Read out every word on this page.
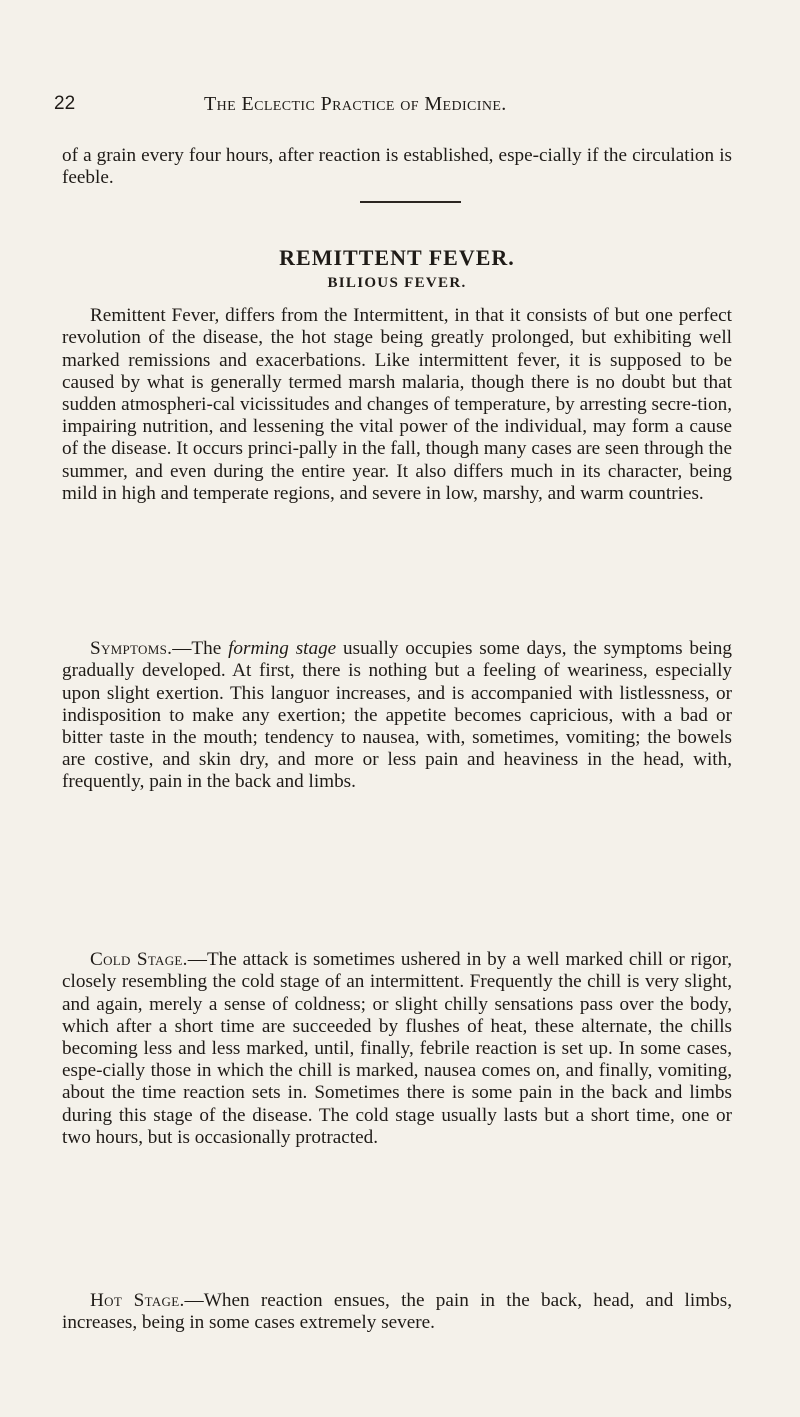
22	The Eclectic Practice of Medicine.

of a grain every four hours, after reaction is established, espe-cially if the circulation is feeble.

REMITTENT FEVER.
BILIOUS FEVER.

Remittent Fever, differs from the Intermittent, in that it consists of but one perfect revolution of the disease, the hot stage being greatly prolonged, but exhibiting well marked remissions and exacerbations. Like intermittent fever, it is supposed to be caused by what is generally termed marsh malaria, though there is no doubt but that sudden atmospheri-cal vicissitudes and changes of temperature, by arresting secre-tion, impairing nutrition, and lessening the vital power of the individual, may form a cause of the disease. It occurs princi-pally in the fall, though many cases are seen through the summer, and even during the entire year. It also differs much in its character, being mild in high and temperate regions, and severe in low, marshy, and warm countries.

Symptoms.—The forming stage usually occupies some days, the symptoms being gradually developed. At first, there is nothing but a feeling of weariness, especially upon slight exertion. This languor increases, and is accompanied with listlessness, or indisposition to make any exertion; the appetite becomes capricious, with a bad or bitter taste in the mouth; tendency to nausea, with, sometimes, vomiting; the bowels are costive, and skin dry, and more or less pain and heaviness in the head, with, frequently, pain in the back and limbs.

Cold Stage.—The attack is sometimes ushered in by a well marked chill or rigor, closely resembling the cold stage of an intermittent. Frequently the chill is very slight, and again, merely a sense of coldness; or slight chilly sensations pass over the body, which after a short time are succeeded by flushes of heat, these alternate, the chills becoming less and less marked, until, finally, febrile reaction is set up. In some cases, espe-cially those in which the chill is marked, nausea comes on, and finally, vomiting, about the time reaction sets in. Sometimes there is some pain in the back and limbs during this stage of the disease. The cold stage usually lasts but a short time, one or two hours, but is occasionally protracted.

Hot Stage.—When reaction ensues, the pain in the back, head, and limbs, increases, being in some cases extremely severe.
